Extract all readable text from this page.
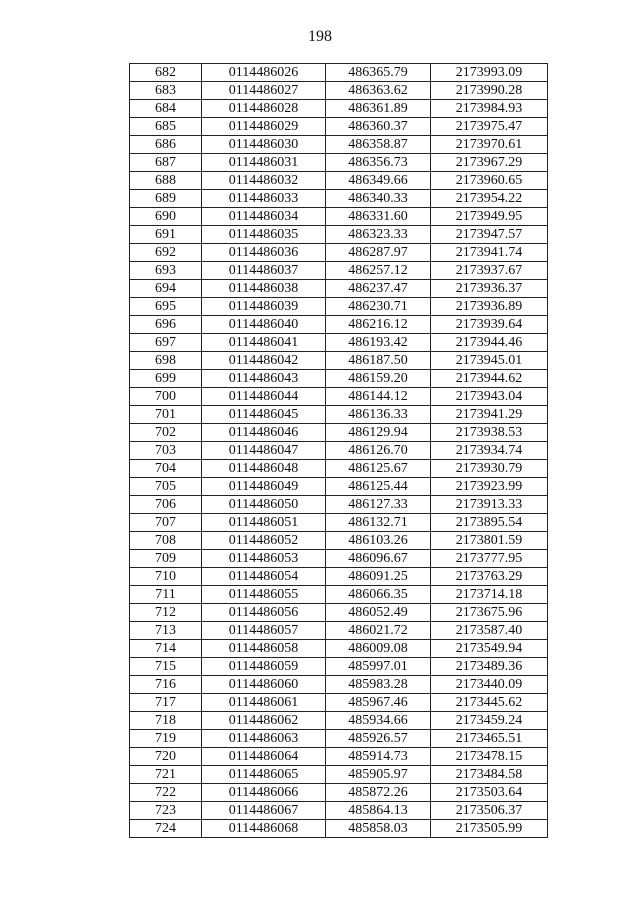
198
682	0114486026	486365.79	2173993.09
683	0114486027	486363.62	2173990.28
684	0114486028	486361.89	2173984.93
685	0114486029	486360.37	2173975.47
686	0114486030	486358.87	2173970.61
687	0114486031	486356.73	2173967.29
688	0114486032	486349.66	2173960.65
689	0114486033	486340.33	2173954.22
690	0114486034	486331.60	2173949.95
691	0114486035	486323.33	2173947.57
692	0114486036	486287.97	2173941.74
693	0114486037	486257.12	2173937.67
694	0114486038	486237.47	2173936.37
695	0114486039	486230.71	2173936.89
696	0114486040	486216.12	2173939.64
697	0114486041	486193.42	2173944.46
698	0114486042	486187.50	2173945.01
699	0114486043	486159.20	2173944.62
700	0114486044	486144.12	2173943.04
701	0114486045	486136.33	2173941.29
702	0114486046	486129.94	2173938.53
703	0114486047	486126.70	2173934.74
704	0114486048	486125.67	2173930.79
705	0114486049	486125.44	2173923.99
706	0114486050	486127.33	2173913.33
707	0114486051	486132.71	2173895.54
708	0114486052	486103.26	2173801.59
709	0114486053	486096.67	2173777.95
710	0114486054	486091.25	2173763.29
711	0114486055	486066.35	2173714.18
712	0114486056	486052.49	2173675.96
713	0114486057	486021.72	2173587.40
714	0114486058	486009.08	2173549.94
715	0114486059	485997.01	2173489.36
716	0114486060	485983.28	2173440.09
717	0114486061	485967.46	2173445.62
718	0114486062	485934.66	2173459.24
719	0114486063	485926.57	2173465.51
720	0114486064	485914.73	2173478.15
721	0114486065	485905.97	2173484.58
722	0114486066	485872.26	2173503.64
723	0114486067	485864.13	2173506.37
724	0114486068	485858.03	2173505.99
